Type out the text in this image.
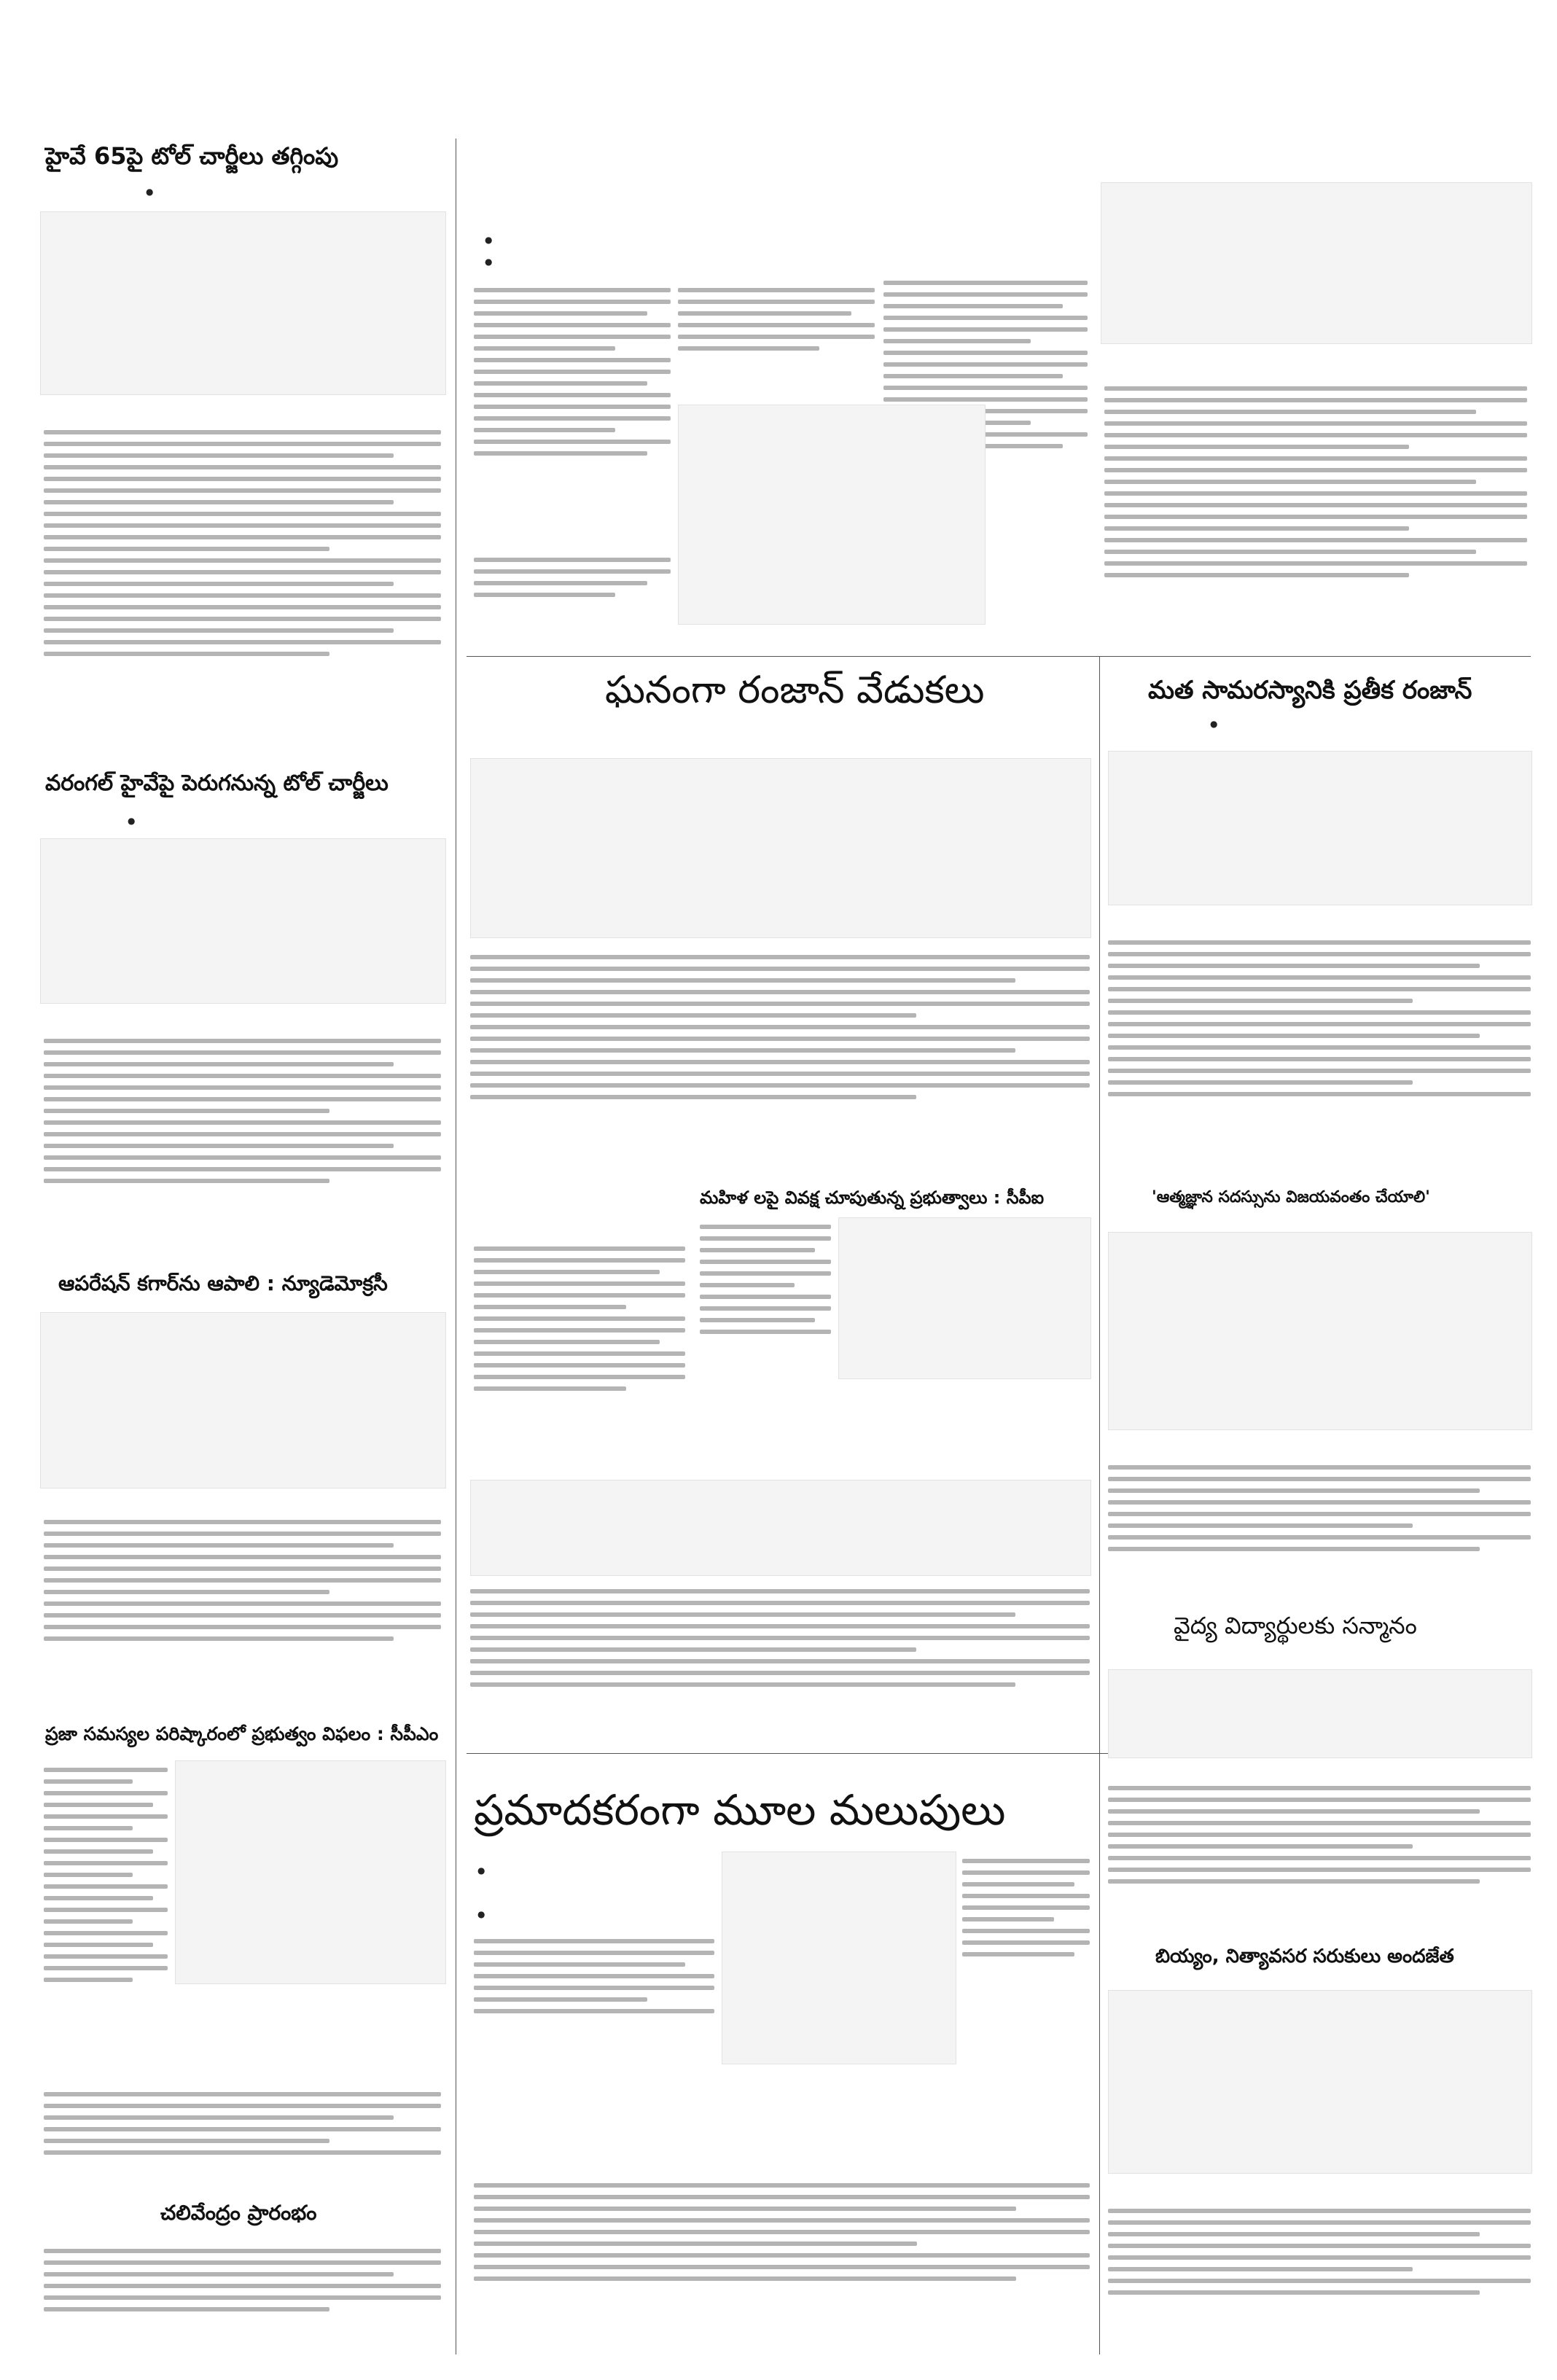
హైవే 65పై టోల్ చార్జీలు తగ్గింపు
●
వరంగల్ హైవేపై పెరుగనున్న టోల్ చార్జీలు
●
ఆపరేషన్ కగార్‌ను ఆపాలి : న్యూడెమోక్రసీ
ప్రజా సమస్యల పరిష్కారంలో ప్రభుత్వం విఫలం : సీపీఎం
చలివేంద్రం ప్రారంభం
●
●
ఘనంగా రంజాన్ వేడుకలు	మత సామరస్యానికి ప్రతీక రంజాన్
●
మహిళ లపై వివక్ష చూపుతున్న ప్రభుత్వాలు : సీపీఐ	'ఆత్మజ్ఞాన సదస్సును విజయవంతం చేయాలి'
వైద్య విద్యార్థులకు సన్మానం
ప్రమాదకరంగా మూల మలుపులు
●
●
బియ్యం, నిత్యావసర సరుకులు అందజేత
